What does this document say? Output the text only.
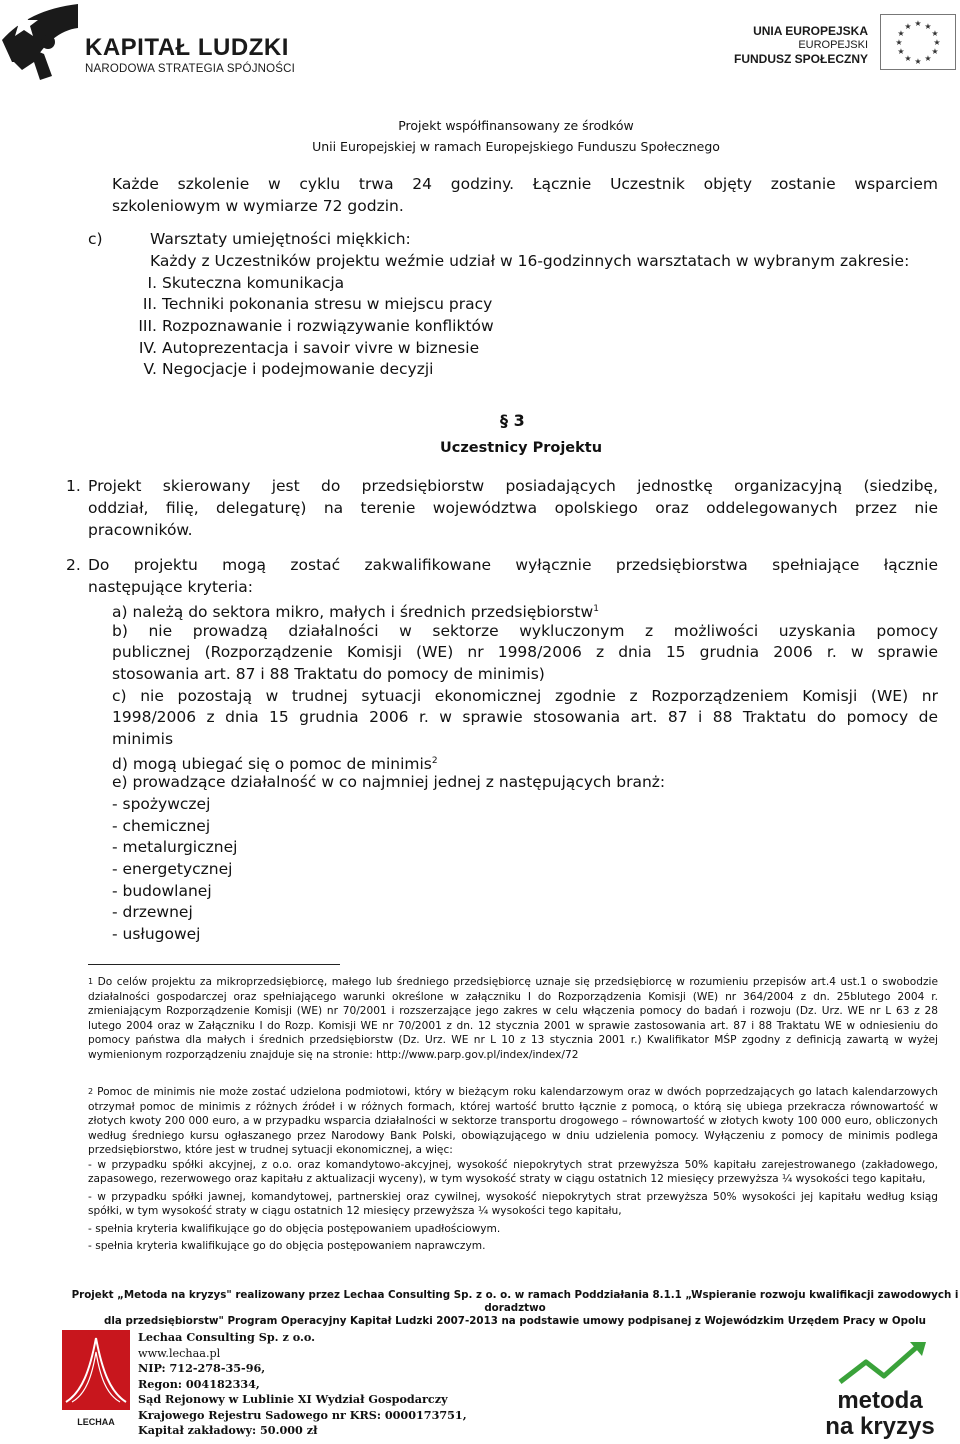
KAPITAŁ LUDZKI
NARODOWA STRATEGIA SPÓJNOŚCI
UNIA EUROPEJSKA
EUROPEJSKI
FUNDUSZ SPOŁECZNY
★ ★
★
★
★
★
★
★
★
★
★
★
Projekt współfinansowany ze środków
Unii Europejskiej w ramach Europejskiego Funduszu Społecznego
Każde szkolenie w cyklu trwa 24 godziny. Łącznie Uczestnik objęty zostanie wsparciem
szkoleniowym w wymiarze 72 godzin.
c)	Warsztaty umiejętności miękkich:
Każdy z Uczestników projektu weźmie udział w 16-godzinnych warsztatach w wybranym zakresie:
I. Skuteczna komunikacja
II. Techniki pokonania stresu w miejscu pracy
III. Rozpoznawanie i rozwiązywanie konfliktów
IV. Autoprezentacja i savoir vivre w biznesie
V. Negocjacje i podejmowanie decyzji
§ 3
Uczestnicy Projektu
1. Projekt skierowany jest do przedsiębiorstw posiadających jednostkę organizacyjną (siedzibę,
oddział, filię, delegaturę) na terenie województwa opolskiego oraz oddelegowanych przez nie
pracowników.
2. Do projektu mogą zostać zakwalifikowane wyłącznie przedsiębiorstwa spełniające łącznie
następujące kryteria:
a) należą do sektora mikro, małych i średnich przedsiębiorstw$^1$
b) nie prowadzą działalności w sektorze wykluczonym z możliwości uzyskania pomocy
publicznej (Rozporządzenie Komisji (WE) nr 1998/2006 z dnia 15 grudnia 2006 r. w sprawie
stosowania art. 87 i 88 Traktatu do pomocy de minimis)
c) nie pozostają w trudnej sytuacji ekonomicznej zgodnie z Rozporządzeniem Komisji (WE) nr
1998/2006 z dnia 15 grudnia 2006 r. w sprawie stosowania art. 87 i 88 Traktatu do pomocy de
minimis
d) mogą ubiegać się o pomoc de minimis$^2$
e) prowadzące działalność w co najmniej jednej z następujących branż:
- spożywczej
- chemicznej
- metalurgicznej
- energetycznej
- budowlanej
- drzewnej
- usługowej

$^1$ Do celów projektu za mikroprzedsiębiorcę, małego lub średniego przedsiębiorcę uznaje się przedsiębiorcę w rozumieniu przepisów art.4 ust.1 o swobodzie działalności gospodarczej oraz spełniającego warunki określone w załączniku I do Rozporządzenia Komisji (WE) nr 364/2004 z dn. 25blutego 2004 r. zmieniającym Rozporządzenie Komisji (WE) nr 70/2001 i rozszerzające jego zakres w celu włączenia pomocy do badań i rozwoju (Dz. Urz. WE nr L 63 z 28 lutego 2004 oraz w Załączniku I do Rozp. Komisji WE nr 70/2001 z dn. 12 stycznia 2001 w sprawie zastosowania art. 87 i 88 Traktatu WE w odniesieniu do pomocy państwa dla małych i średnich przedsiębiorstw (Dz. Urz. WE nr L 10 z 13 stycznia 2001 r.) Kwalifikator MŚP zgodny z definicją zawartą w wyżej wymienionym rozporządzeniu znajduje się na stronie: http://www.parp.gov.pl/index/index/72

$^2$ Pomoc de minimis nie może zostać udzielona podmiotowi, który w bieżącym roku kalendarzowym oraz w dwóch poprzedzających go latach kalendarzowych otrzymał pomoc de minimis z różnych źródeł i w różnych formach, której wartość brutto łącznie z pomocą, o którą się ubiega przekracza równowartość w złotych kwoty 200 000 euro, a w przypadku wsparcia działalności w sektorze transportu drogowego – równowartość w złotych kwoty 100 000 euro, obliczonych według średniego kursu ogłaszanego przez Narodowy Bank Polski, obowiązującego w dniu udzielenia pomocy. Wyłączeniu z pomocy de minimis podlega przedsiębiorstwo, które jest w trudnej sytuacji ekonomicznej, a więc:

- w przypadku spółki akcyjnej, z o.o. oraz komandytowo-akcyjnej, wysokość niepokrytych strat przewyższa 50% kapitału zarejestrowanego (zakładowego, zapasowego, rezerwowego oraz kapitału z aktualizacji wyceny), w tym wysokość straty w ciągu ostatnich 12 miesięcy przewyższa ¼ wysokości tego kapitału,

- w przypadku spółki jawnej, komandytowej, partnerskiej oraz cywilnej, wysokość niepokrytych strat przewyższa 50% wysokości jej kapitału według ksiąg spółki, w tym wysokość straty w ciągu ostatnich 12 miesięcy przewyższa ¼ wysokości tego kapitału,

- spełnia kryteria kwalifikujące go do objęcia postępowaniem upadłościowym.

- spełnia kryteria kwalifikujące go do objęcia postępowaniem naprawczym.

Projekt „Metoda na kryzys" realizowany przez Lechaa Consulting Sp. z o. o. w ramach Poddziałania 8.1.1 „Wspieranie rozwoju kwalifikacji zawodowych i doradztwo
dla przedsiębiorstw" Program Operacyjny Kapitał Ludzki 2007-2013 na podstawie umowy podpisanej z Wojewódzkim Urzędem Pracy w Opolu
LECHAA
Lechaa Consulting Sp. z o.o.
www.lechaa.pl
NIP: 712-278-35-96,
Regon: 004182334,
Sąd Rejonowy w Lublinie XI Wydział Gospodarczy
Krajowego Rejestru Sadowego nr KRS: 0000173751,
Kapitał zakładowy: 50.000 zł
metoda
na kryzys
